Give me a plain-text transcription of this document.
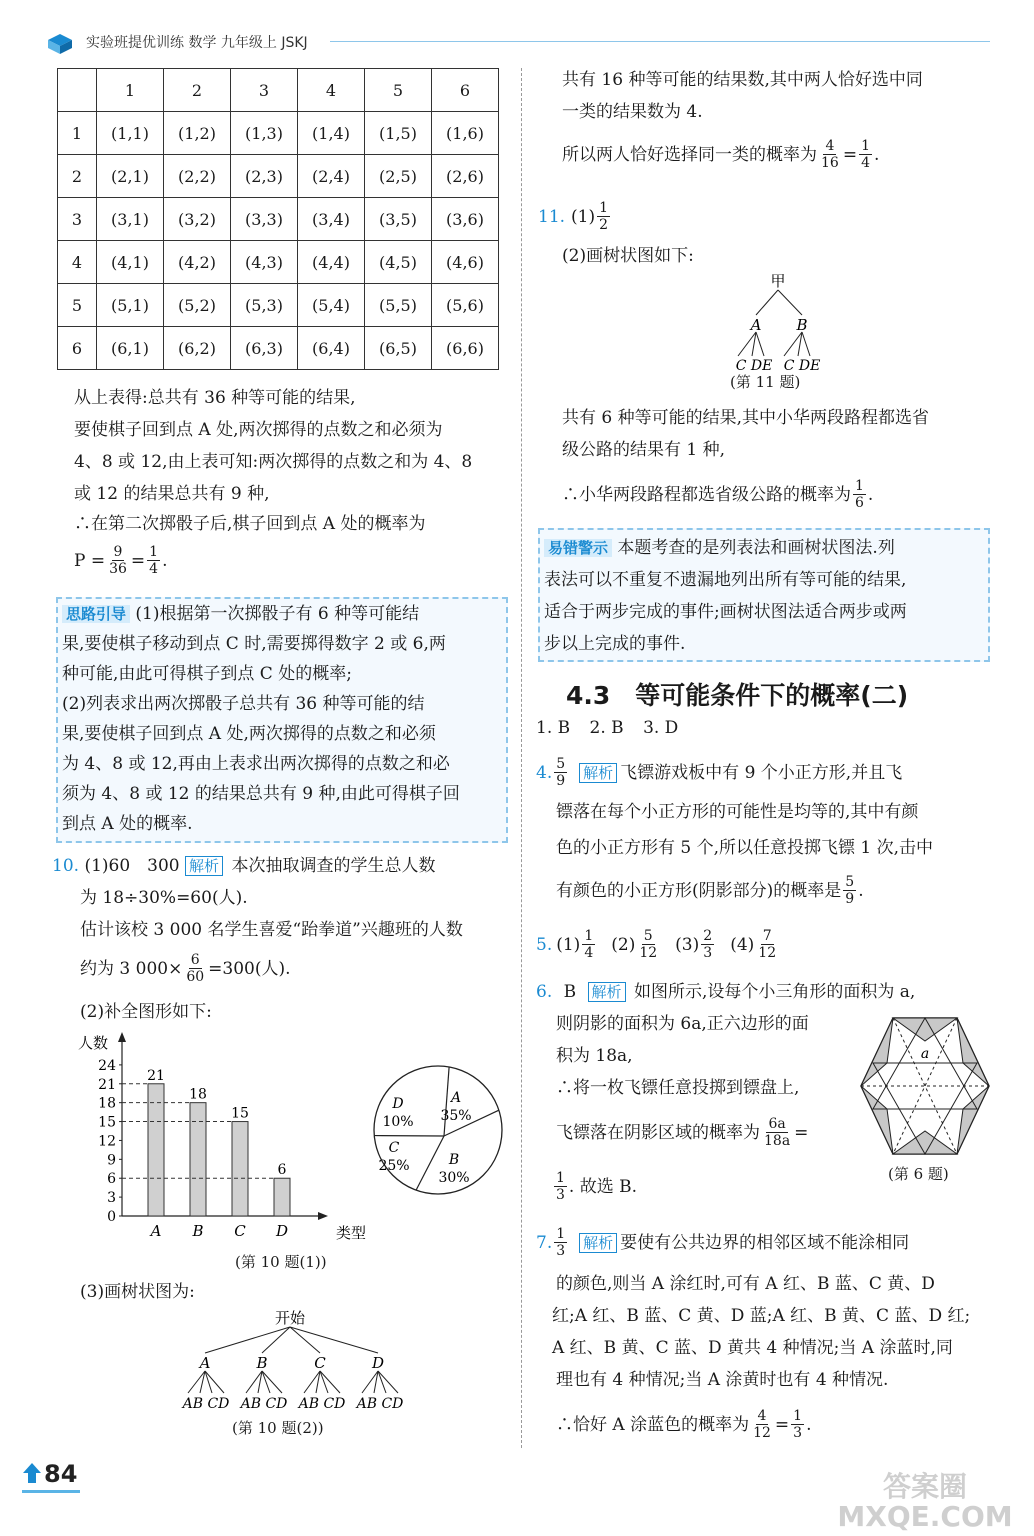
实验班提优训练 数学 九年级上 JSKJ
	1	2	3	4	5	6
1	(1,1)	(1,2)	(1,3)	(1,4)	(1,5)	(1,6)
2	(2,1)	(2,2)	(2,3)	(2,4)	(2,5)	(2,6)
3	(3,1)	(3,2)	(3,3)	(3,4)	(3,5)	(3,6)
4	(4,1)	(4,2)	(4,3)	(4,4)	(4,5)	(4,6)
5	(5,1)	(5,2)	(5,3)	(5,4)	(5,5)	(5,6)
6	(6,1)	(6,2)	(6,3)	(6,4)	(6,5)	(6,6)
从上表得:总共有 36 种等可能的结果,
要使棋子回到点 A 处,两次掷得的点数之和必须为
4、8 或 12,由上表可知:两次掷得的点数之和为 4、8
或 12 的结果总共有 9 种,
∴在第二次掷骰子后,棋子回到点 A 处的概率为
$P = \frac{9}{36} = \frac{1}{4}$ .
思路引导 (1)根据第一次掷骰子有 6 种等可能结
果,要使棋子移动到点 C 时,需要掷得数字 2 或 6,两
种可能,由此可得棋子到点 C 处的概率;
(2)列表求出两次掷骰子总共有 36 种等可能的结
果,要使棋子回到点 A 处,两次掷得的点数之和必须
为 4、8 或 12,再由上表求出两次掷得的点数之和必
须为 4、8 或 12 的结果总共有 9 种,由此可得棋子回
到点 A 处的概率.
10. (1)60　300 解析 本次抽取调查的学生总人数
为 18÷30%=60(人).
估计该校 3 000 名学生喜爱“跆拳道”兴趣班的人数
约为 3 $000\times \frac{6}{60} =300$(人).
(2)补全图形如下:
人数
类型
0
3
6
9
12
15
18
21
24
21
A
18
B
15
C
6
D
A
35%
B
30%
C
25%
D
10%
(第 10 题(1))
(3)画树状图为:
开始
A	B	C	D
AB CD AB CD AB CD AB CD
(第 10 题(2))
共有 16 种等可能的结果数,其中两人恰好选中同
一类的结果数为 4.
所以两人恰好选择同一类的概率为 $\frac{4}{16} = \frac{1}{4}$ .
11. $(1) \frac{1}{2}$
(2)画树状图如下:
甲
A B
C DE C DE
(第 11 题)
共有 6 种等可能的结果,其中小华两段路程都选省
级公路的结果有 1 种,
∴小华两段路程都选省级公路的概率为 $\frac{1}{6}$ .
易错警示 本题考查的是列表法和画树状图法.列
表法可以不重复不遗漏地列出所有等可能的结果,
适合于两步完成的事件;画树状图法适合两步或两
步以上完成的事件.
4.3　等可能条件下的概率(二)
1. B 2. B 3. D
4. $\frac{5}{9}$ 解析 飞镖游戏板中有 9 个小正方形,并且飞
镖落在每个小正方形的可能性是均等的,其中有颜
色的小正方形有 5 个,所以任意投掷飞镖 1 次,击中
有颜色的小正方形(阴影部分)的概率是 $\frac{5}{9}$ .
5. $(1) \frac{1}{4} (2) \frac{5}{12} (3) \frac{2}{3} (4) \frac{7}{12}$
6. B 解析 如图所示,设每个小三角形的面积为 a,
则阴影的面积为 6a,正六边形的面
积为 18a,
∴将一枚飞镖任意投掷到镖盘上,
飞镖落在阴影区域的概率为 $\frac{6a}{18a}$ =
$\frac{1}{3}$ . 故选 B.
a
(第 6 题)
7. $\frac{1}{3}$ 解析 要使有公共边界的相邻区域不能涂相同
的颜色,则当 A 涂红时,可有 A 红、B 蓝、C 黄、D
红;A 红、B 蓝、C 黄、D 蓝;A 红、B 黄、C 蓝、D 红;
A 红、B 黄、C 蓝、D 黄共 4 种情况;当 A 涂蓝时,同
理也有 4 种情况;当 A 涂黄时也有 4 种情况.
∴恰好 A 涂蓝色的概率为 $\frac{4}{12} = \frac{1}{3}$ .
84	答案圈 MXQE.COM
